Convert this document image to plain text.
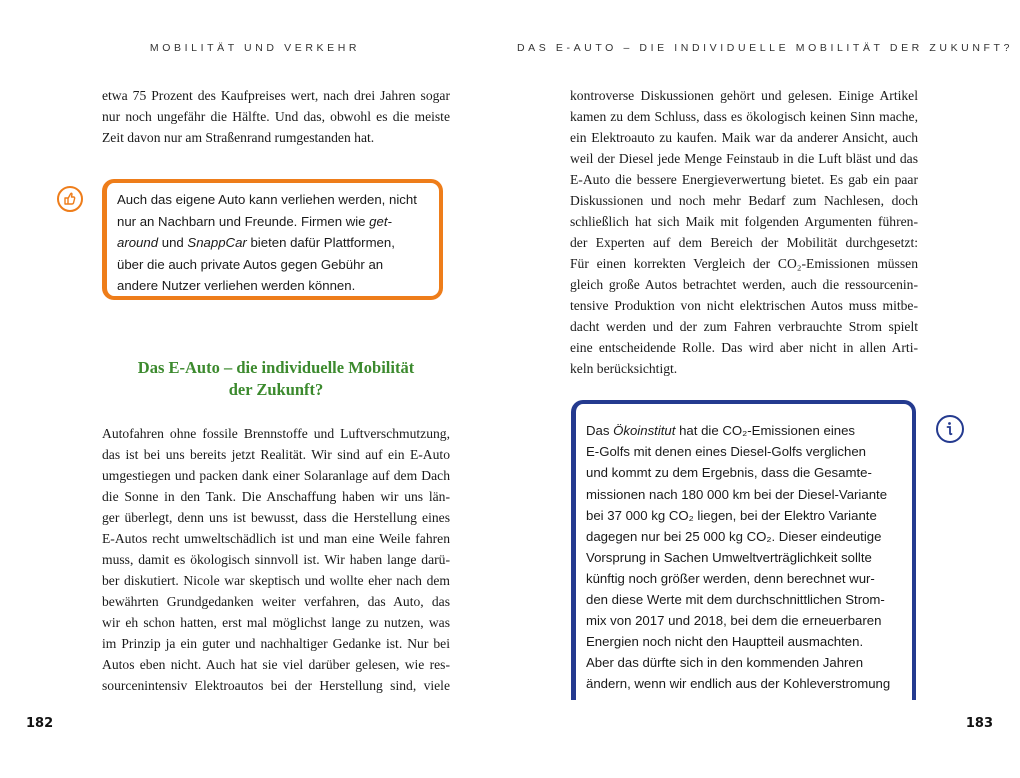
MOBILITÄT UND VERKEHR
etwa 75 Prozent des Kaufpreises wert, nach drei Jahren sogar
nur noch ungefähr die Hälfte. Und das, obwohl es die meiste
Zeit davon nur am Straßenrand rumgestanden hat.
Auch das eigene Auto kann verliehen werden, nicht
nur an Nachbarn und Freunde. Firmen wie get-
around und SnappCar bieten dafür Plattformen,
über die auch private Autos gegen Gebühr an
andere Nutzer verliehen werden können.
Das E-Auto – die individuelle Mobilität
der Zukunft?
Autofahren ohne fossile Brennstoffe und Luftverschmutzung,
das ist bei uns bereits jetzt Realität. Wir sind auf ein E-Auto
umgestiegen und packen dank einer Solaranlage auf dem Dach
die Sonne in den Tank. Die Anschaffung haben wir uns län-
ger überlegt, denn uns ist bewusst, dass die Herstellung eines
E-Autos recht umweltschädlich ist und man eine Weile fahren
muss, damit es ökologisch sinnvoll ist. Wir haben lange darü-
ber diskutiert. Nicole war skeptisch und wollte eher nach dem
bewährten Grundgedanken weiter verfahren, das Auto, das
wir eh schon hatten, erst mal möglichst lange zu nutzen, was
im Prinzip ja ein guter und nachhaltiger Gedanke ist. Nur bei
Autos eben nicht. Auch hat sie viel darüber gelesen, wie res-
sourcenintensiv Elektroautos bei der Herstellung sind, viele
182
DAS E-AUTO – DIE INDIVIDUELLE MOBILITÄT DER ZUKUNFT?
kontroverse Diskussionen gehört und gelesen. Einige Artikel
kamen zu dem Schluss, dass es ökologisch keinen Sinn mache,
ein Elektroauto zu kaufen. Maik war da anderer Ansicht, auch
weil der Diesel jede Menge Feinstaub in die Luft bläst und das
E-Auto die bessere Energieverwertung bietet. Es gab ein paar
Diskussionen und noch mehr Bedarf zum Nachlesen, doch
schließlich hat sich Maik mit folgenden Argumenten führen-
der Experten auf dem Bereich der Mobilität durchgesetzt:
Für einen korrekten Vergleich der CO₂-Emissionen müssen
gleich große Autos betrachtet werden, auch die ressourcenin-
tensive Produktion von nicht elektrischen Autos muss mitbe-
dacht werden und der zum Fahren verbrauchte Strom spielt
eine entscheidende Rolle. Das wird aber nicht in allen Arti-
keln berücksichtigt.
Das Ökoinstitut hat die CO₂-Emissionen eines
E-Golfs mit denen eines Diesel-Golfs verglichen
und kommt zu dem Ergebnis, dass die Gesamte-
missionen nach 180 000 km bei der Diesel-Variante
bei 37 000 kg CO₂ liegen, bei der Elektro Variante
dagegen nur bei 25 000 kg CO₂. Dieser eindeutige
Vorsprung in Sachen Umweltverträglichkeit sollte
künftig noch größer werden, denn berechnet wur-
den diese Werte mit dem durchschnittlichen Strom-
mix von 2017 und 2018, bei dem die erneuerbaren
Energien noch nicht den Hauptteil ausmachten.
Aber das dürfte sich in den kommenden Jahren
ändern, wenn wir endlich aus der Kohleverstromung
183
